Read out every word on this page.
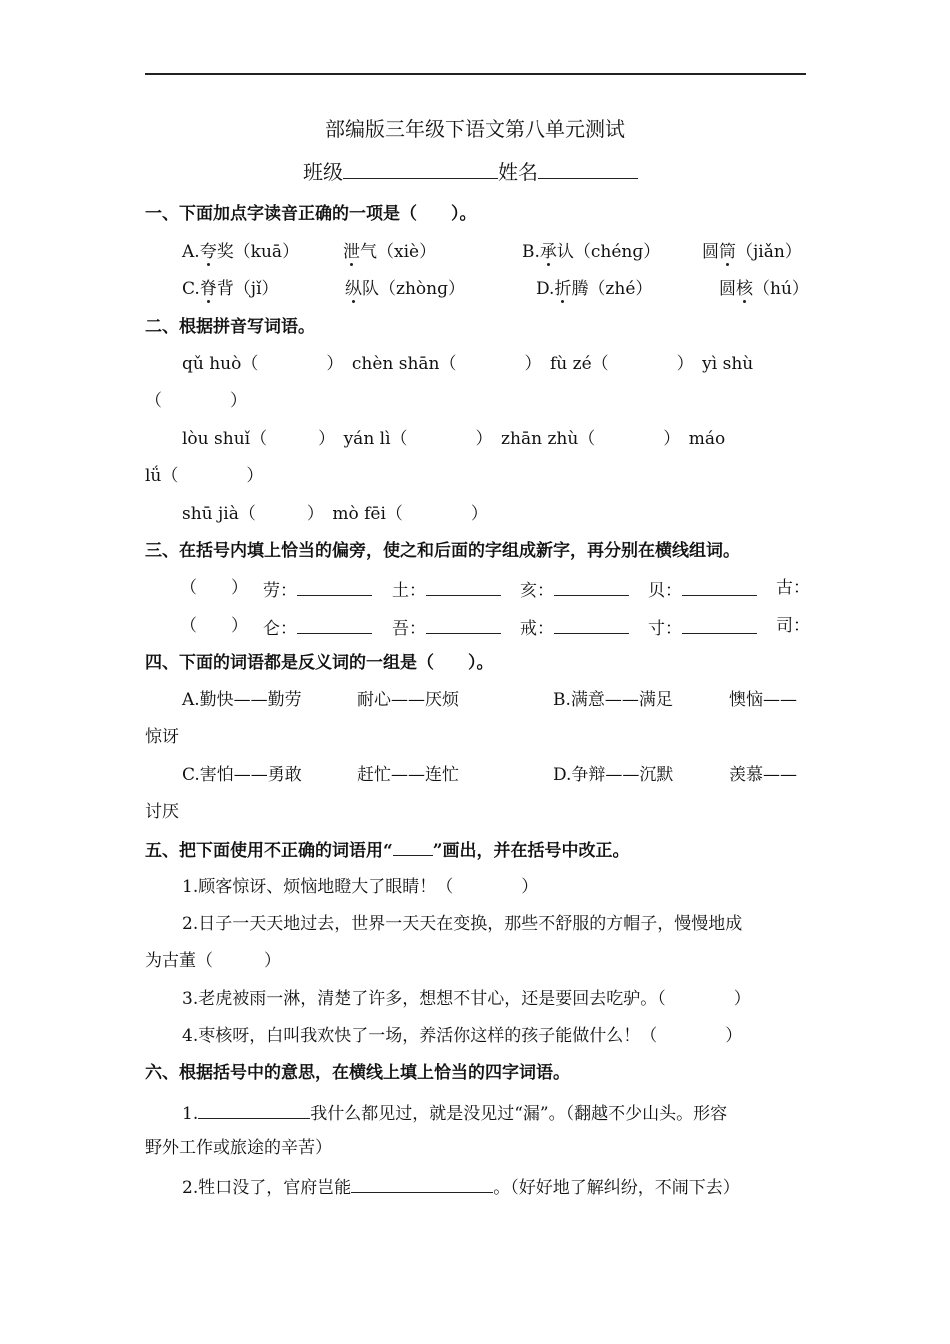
部编版三年级下语文第八单元测试
班级	姓名
一、下面加点字读音正确的一项是（　　）。
A.夸奖（kuā）	泄气（xiè）	B.承认（chénɡ） 圆筒（jiǎn）
C.脊背（jǐ）	纵队（zhònɡ）	D.折腾（zhé）	圆核（hú）
二、根据拼音写词语。
qǔ huò（　　　　）　chèn shān（　　　　）　fù zé（　　　　）　yì shù
（　　　　）
lòu shuǐ（　　　）　yán lì（　　　　）　zhān zhù（　　　　）　máo
lǘ（　　　　）
shū jià（　　　）　mò fēi（　　　　）
三、在括号内填上恰当的偏旁，使之和后面的字组成新字，再分别在横线组词。
（　　） 劳：	土：	亥：	贝：	古：
（　　） 仑：	吾：	戒：	寸：	司：
四、下面的词语都是反义词的一组是（　　）。
A.勤快——勤劳	耐心——厌烦	B.满意——满足	懊恼——
惊讶
C.害怕——勇敢	赶忙——连忙	D.争辩——沉默	羡慕——
讨厌
五、把下面使用不正确的词语用“ ”画出，并在括号中改正。
1.顾客惊讶、烦恼地瞪大了眼睛！（　　　　）
2.日子一天天地过去，世界一天天在变换，那些不舒服的方帽子，慢慢地成
为古董（　　　）
3.老虎被雨一淋，清楚了许多，想想不甘心，还是要回去吃驴。（　　　　）
4.枣核呀，白叫我欢快了一场，养活你这样的孩子能做什么！（　　　　）
六、根据括号中的意思，在横线上填上恰当的四字词语。
1.	我什么都见过，就是没见过“漏”。（翻越不少山头。形容
野外工作或旅途的辛苦）
2.牲口没了，官府岂能	。（好好地了解纠纷，不闹下去）
